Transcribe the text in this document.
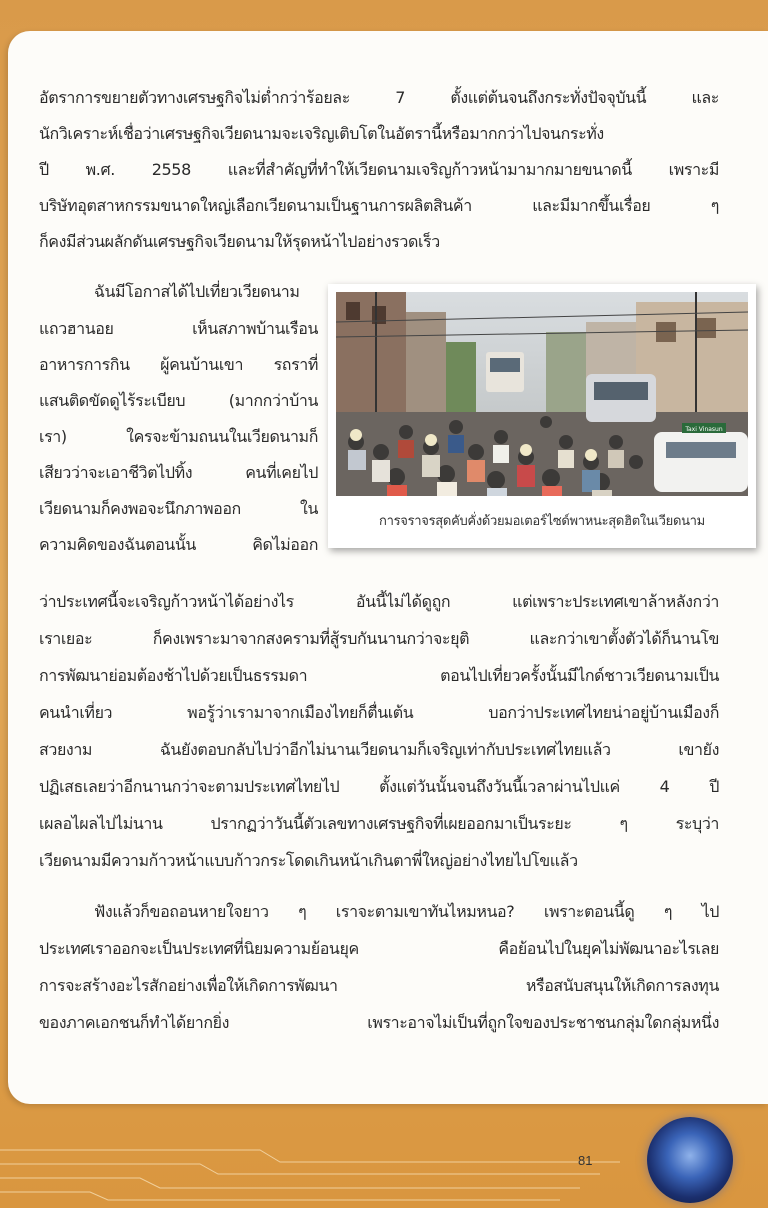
อัตราการขยายตัวทางเศรษฐกิจไม่ต่ำกว่าร้อยละ 7 ตั้งแต่ต้นจนถึงกระทั่งปัจจุบันนี้ และ
นักวิเคราะห์เชื่อว่าเศรษฐกิจเวียดนามจะเจริญเติบโตในอัตรานี้หรือมากกว่าไปจนกระทั่ง
ปี พ.ศ. 2558 และที่สำคัญที่ทำให้เวียดนามเจริญก้าวหน้ามามากมายขนาดนี้ เพราะมี
บริษัทอุตสาหกรรมขนาดใหญ่เลือกเวียดนามเป็นฐานการผลิตสินค้า และมีมากขึ้นเรื่อย ๆ
ก็คงมีส่วนผลักดันเศรษฐกิจเวียดนามให้รุดหน้าไปอย่างรวดเร็ว
ฉันมีโอกาสได้ไปเที่ยวเวียดนาม
แถวฮานอย เห็นสภาพบ้านเรือน
อาหารการกิน ผู้คนบ้านเขา รถราที่
แสนติดขัดดูไร้ระเบียบ (มากกว่าบ้าน
เรา) ใครจะข้ามถนนในเวียดนามก็
เสียวว่าจะเอาชีวิตไปทิ้ง คนที่เคยไป
เวียดนามก็คงพอจะนึกภาพออก ใน
ความคิดของฉันตอนนั้น คิดไม่ออก
ว่าประเทศนี้จะเจริญก้าวหน้าได้อย่างไร อันนี้ไม่ได้ดูถูก แต่เพราะประเทศเขาล้าหลังกว่า
เราเยอะ ก็คงเพราะมาจากสงครามที่สู้รบกันนานกว่าจะยุติ และกว่าเขาตั้งตัวได้ก็นานโข
การพัฒนาย่อมต้องช้าไปด้วยเป็นธรรมดา ตอนไปเที่ยวครั้งนั้นมีไกด์ชาวเวียดนามเป็น
คนนำเที่ยว พอรู้ว่าเรามาจากเมืองไทยก็ตื่นเต้น บอกว่าประเทศไทยน่าอยู่บ้านเมืองก็
สวยงาม ฉันยังตอบกลับไปว่าอีกไม่นานเวียดนามก็เจริญเท่ากับประเทศไทยแล้ว เขายัง
ปฏิเสธเลยว่าอีกนานกว่าจะตามประเทศไทยไป ตั้งแต่วันนั้นจนถึงวันนี้เวลาผ่านไปแค่ 4 ปี
เผลอไผลไปไม่นาน ปรากฏว่าวันนี้ตัวเลขทางเศรษฐกิจที่เผยออกมาเป็นระยะ ๆ ระบุว่า
เวียดนามมีความก้าวหน้าแบบก้าวกระโดดเกินหน้าเกินตาพี่ใหญ่อย่างไทยไปโขแล้ว
ฟังแล้วก็ขอถอนหายใจยาว ๆ เราจะตามเขาทันไหมหนอ? เพราะตอนนี้ดู ๆ ไป
ประเทศเราออกจะเป็นประเทศที่นิยมความย้อนยุค คือย้อนไปในยุคไม่พัฒนาอะไรเลย
การจะสร้างอะไรสักอย่างเพื่อให้เกิดการพัฒนา หรือสนับสนุนให้เกิดการลงทุน
ของภาคเอกชนก็ทำได้ยากยิ่ง เพราะอาจไม่เป็นที่ถูกใจของประชาชนกลุ่มใดกลุ่มหนึ่ง
Taxi Vinasun
การจราจรสุดคับคั่งด้วยมอเตอร์ไซด์พาหนะสุดฮิตในเวียดนาม
81
